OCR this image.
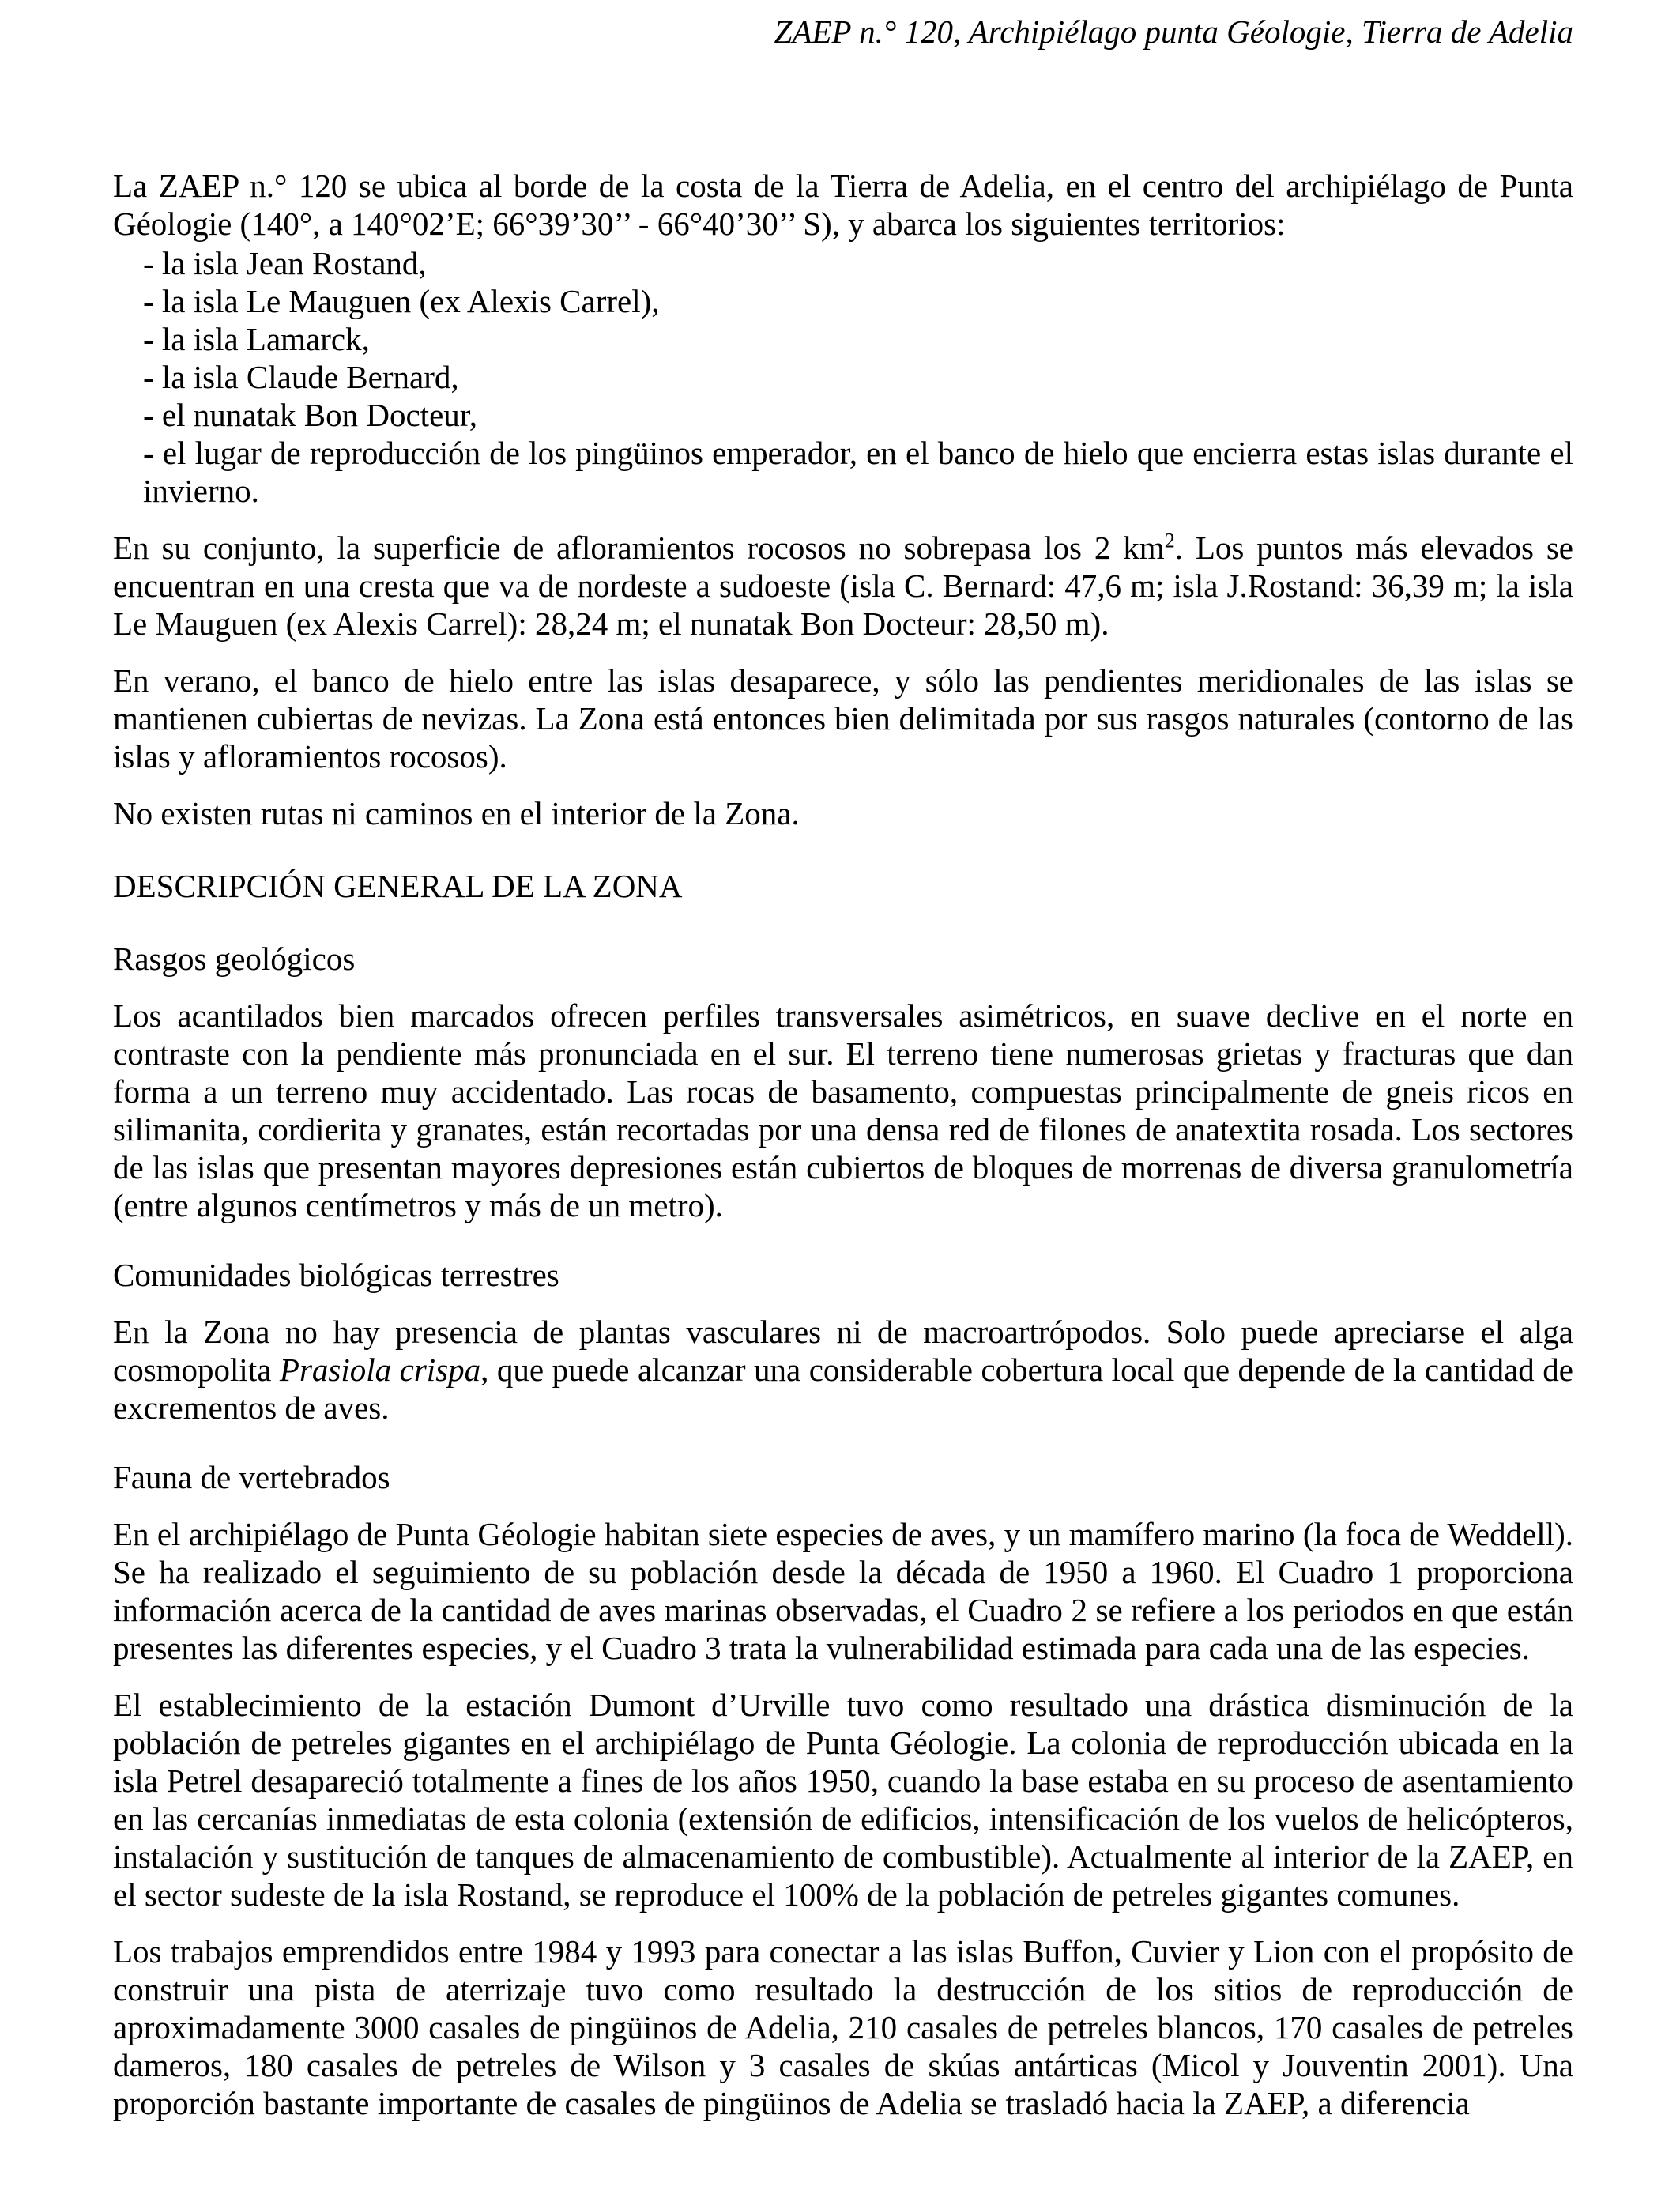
ZAEP n.° 120, Archipiélago punta Géologie, Tierra de Adelia
La ZAEP n.° 120 se ubica al borde de la costa de la Tierra de Adelia, en el centro del archipiélago de Punta Géologie (140°, a 140°02’E; 66°39’30’’ - 66°40’30’’ S), y abarca los siguientes territorios:
- la isla Jean Rostand,
- la isla Le Mauguen (ex Alexis Carrel),
- la isla Lamarck,
- la isla Claude Bernard,
- el nunatak Bon Docteur,
- el lugar de reproducción de los pingüinos emperador, en el banco de hielo que encierra estas islas durante el invierno.
En su conjunto, la superficie de afloramientos rocosos no sobrepasa los 2 $km^2$. Los puntos más elevados se encuentran en una cresta que va de nordeste a sudoeste (isla C. Bernard: 47,6 m; isla J.Rostand: 36,39 m; la isla Le Mauguen (ex Alexis Carrel): 28,24 m; el nunatak Bon Docteur: 28,50 m).
En verano, el banco de hielo entre las islas desaparece, y sólo las pendientes meridionales de las islas se mantienen cubiertas de nevizas. La Zona está entonces bien delimitada por sus rasgos naturales (contorno de las islas y afloramientos rocosos).
No existen rutas ni caminos en el interior de la Zona.
DESCRIPCIÓN GENERAL DE LA ZONA
Rasgos geológicos
Los acantilados bien marcados ofrecen perfiles transversales asimétricos, en suave declive en el norte en contraste con la pendiente más pronunciada en el sur. El terreno tiene numerosas grietas y fracturas que dan forma a un terreno muy accidentado. Las rocas de basamento, compuestas principalmente de gneis ricos en silimanita, cordierita y granates, están recortadas por una densa red de filones de anatextita rosada. Los sectores de las islas que presentan mayores depresiones están cubiertos de bloques de morrenas de diversa granulometría (entre algunos centímetros y más de un metro).
Comunidades biológicas terrestres
En la Zona no hay presencia de plantas vasculares ni de macroartrópodos. Solo puede apreciarse el alga cosmopolita Prasiola crispa, que puede alcanzar una considerable cobertura local que depende de la cantidad de excrementos de aves.
Fauna de vertebrados
En el archipiélago de Punta Géologie habitan siete especies de aves, y un mamífero marino (la foca de Weddell). Se ha realizado el seguimiento de su población desde la década de 1950 a 1960. El Cuadro 1 proporciona información acerca de la cantidad de aves marinas observadas, el Cuadro 2 se refiere a los periodos en que están presentes las diferentes especies, y el Cuadro 3 trata la vulnerabilidad estimada para cada una de las especies.
El establecimiento de la estación Dumont d’Urville tuvo como resultado una drástica disminución de la población de petreles gigantes en el archipiélago de Punta Géologie. La colonia de reproducción ubicada en la isla Petrel desapareció totalmente a fines de los años 1950, cuando la base estaba en su proceso de asentamiento en las cercanías inmediatas de esta colonia (extensión de edificios, intensificación de los vuelos de helicópteros, instalación y sustitución de tanques de almacenamiento de combustible). Actualmente al interior de la ZAEP, en el sector sudeste de la isla Rostand, se reproduce el 100% de la población de petreles gigantes comunes.
Los trabajos emprendidos entre 1984 y 1993 para conectar a las islas Buffon, Cuvier y Lion con el propósito de construir una pista de aterrizaje tuvo como resultado la destrucción de los sitios de reproducción de aproximadamente 3000 casales de pingüinos de Adelia, 210 casales de petreles blancos, 170 casales de petreles dameros, 180 casales de petreles de Wilson y 3 casales de skúas antárticas (Micol y Jouventin 2001). Una proporción bastante importante de casales de pingüinos de Adelia se trasladó hacia la ZAEP, a diferencia
